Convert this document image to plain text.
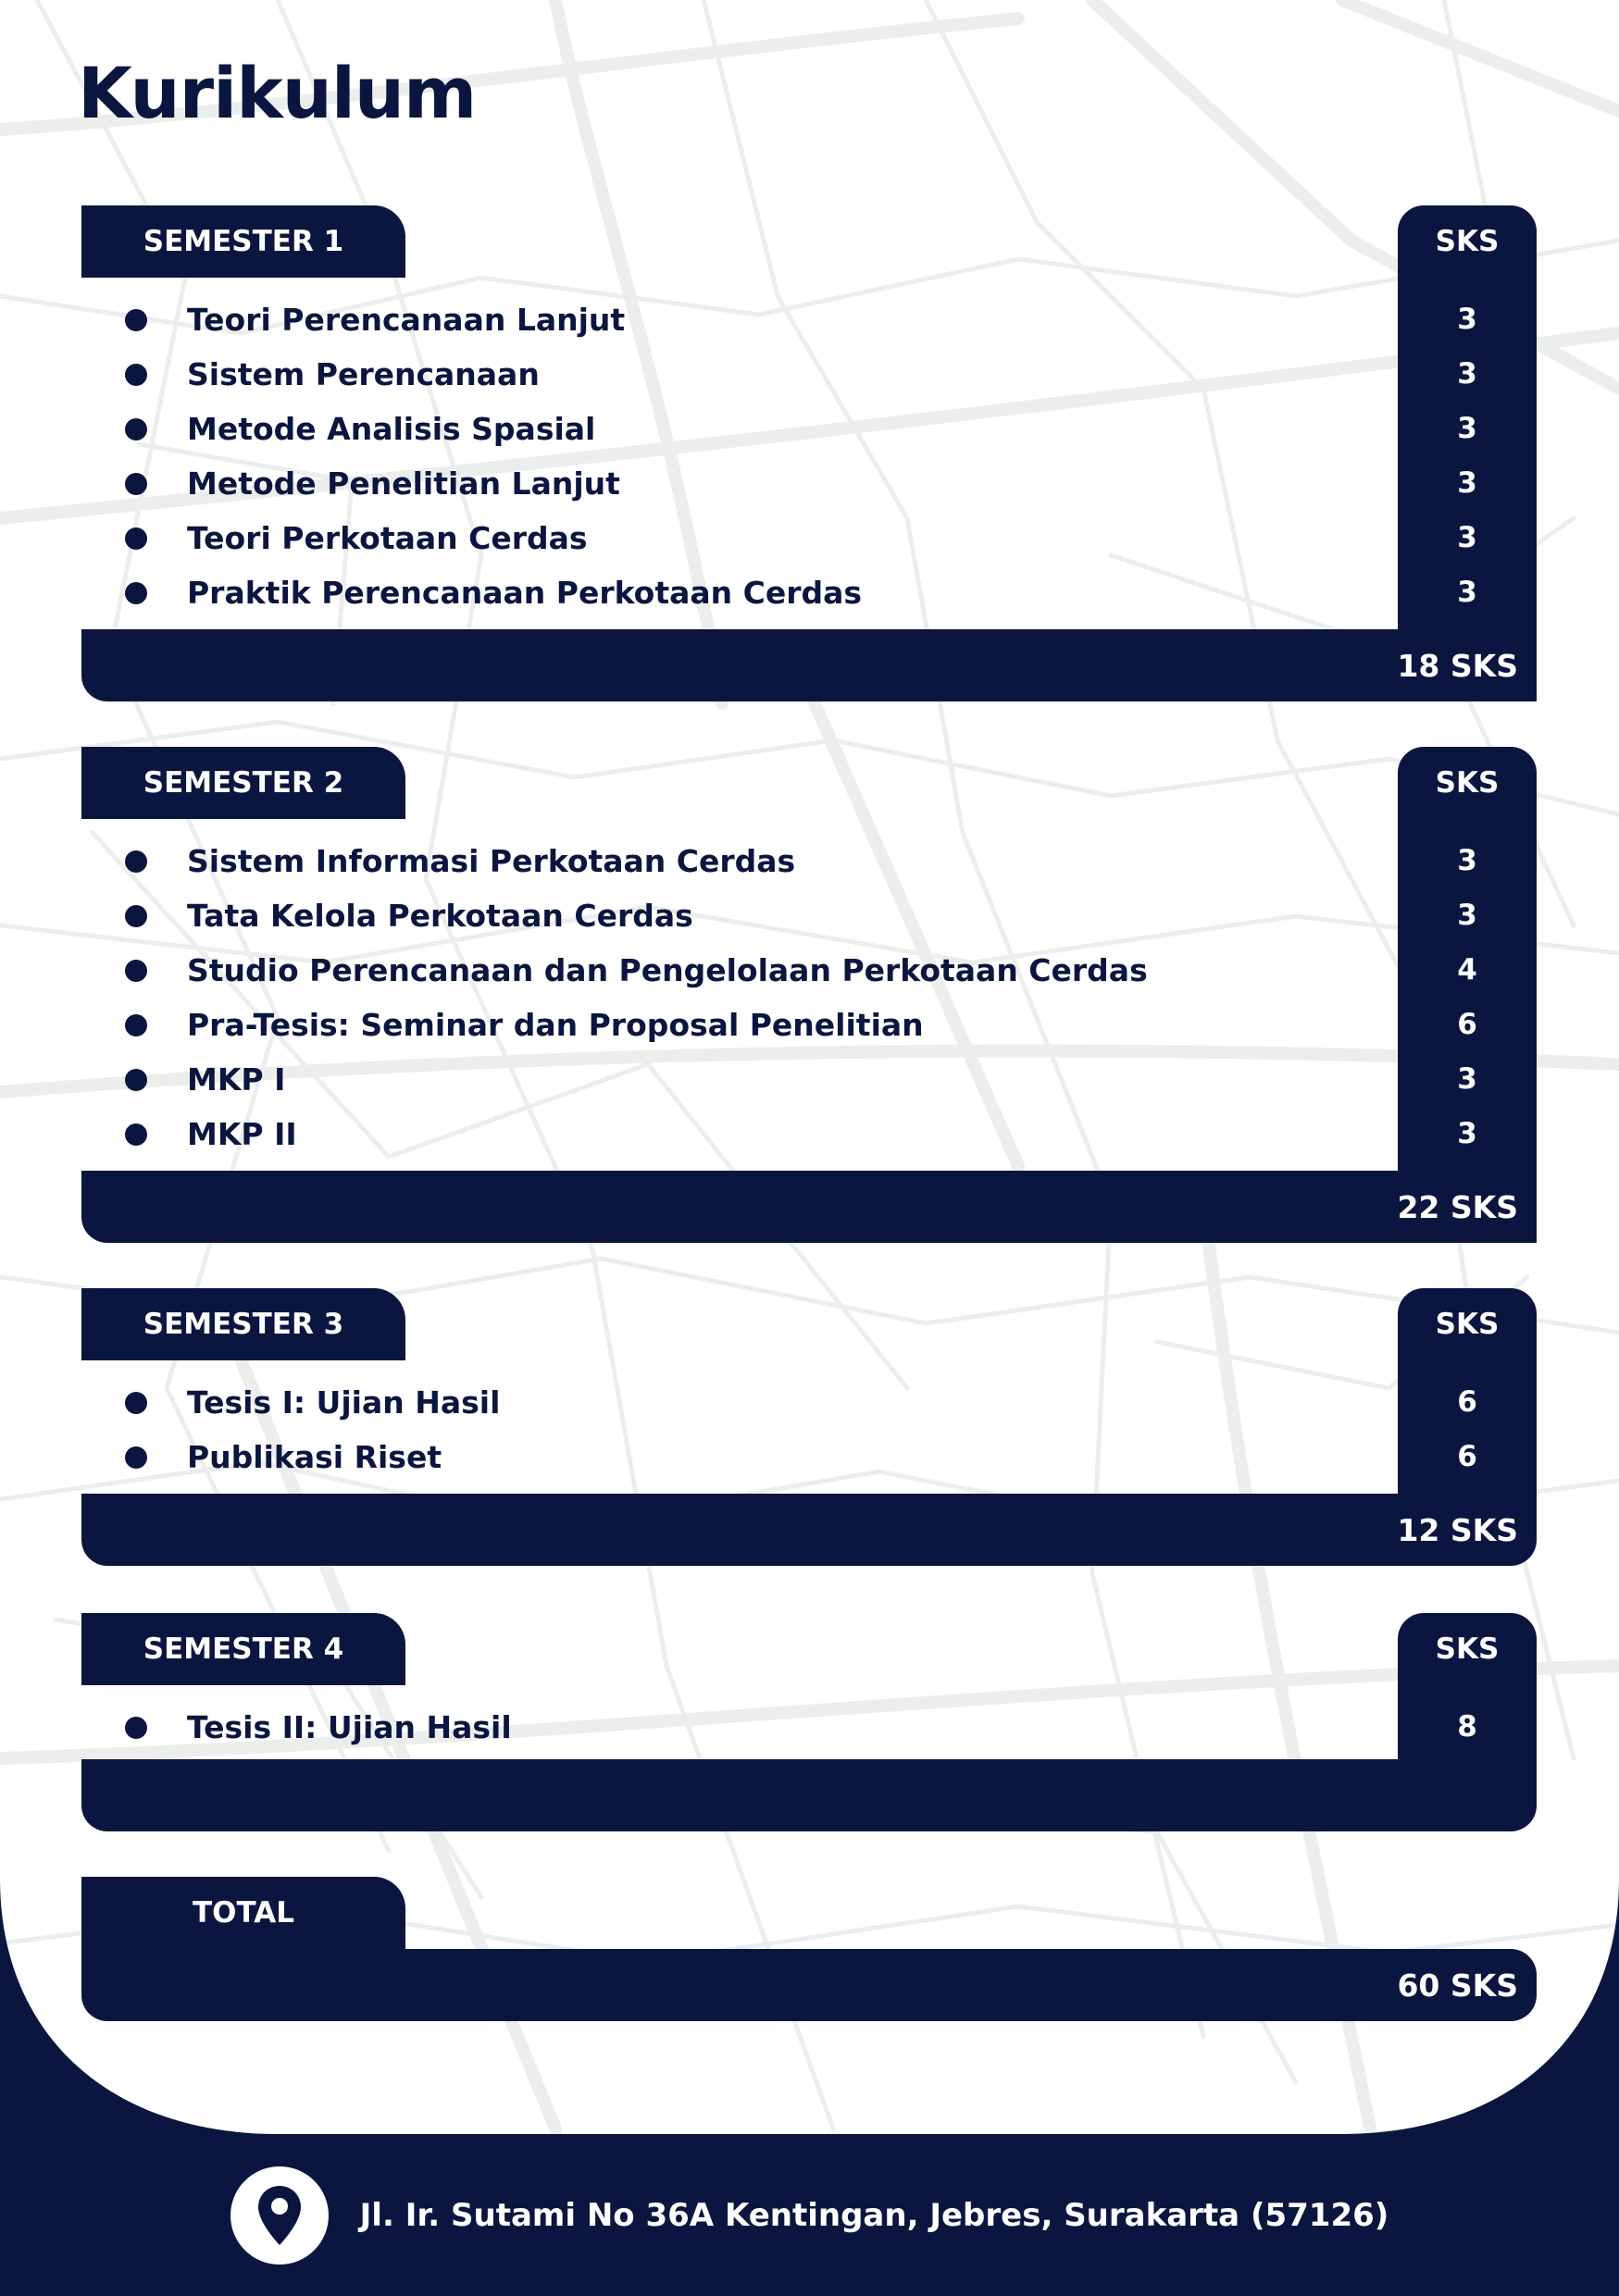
Kurikulum
SEMESTER 1	SKS
Teori Perencanaan Lanjut	3
Sistem Perencanaan	3
Metode Analisis Spasial	3
Metode Penelitian Lanjut	3
Teori Perkotaan Cerdas	3
Praktik Perencanaan Perkotaan Cerdas	3
18 SKS
SEMESTER 2	SKS
Sistem Informasi Perkotaan Cerdas	3
Tata Kelola Perkotaan Cerdas	3
Studio Perencanaan dan Pengelolaan Perkotaan Cerdas	4
Pra-Tesis: Seminar dan Proposal Penelitian	6
MKP I	3
MKP II	3
22 SKS
SEMESTER 3	SKS
Tesis I: Ujian Hasil	6
Publikasi Riset	6
12 SKS
SEMESTER 4	SKS
Tesis II: Ujian Hasil	8
TOTAL
60 SKS
Jl. Ir. Sutami No 36A Kentingan, Jebres, Surakarta (57126)
